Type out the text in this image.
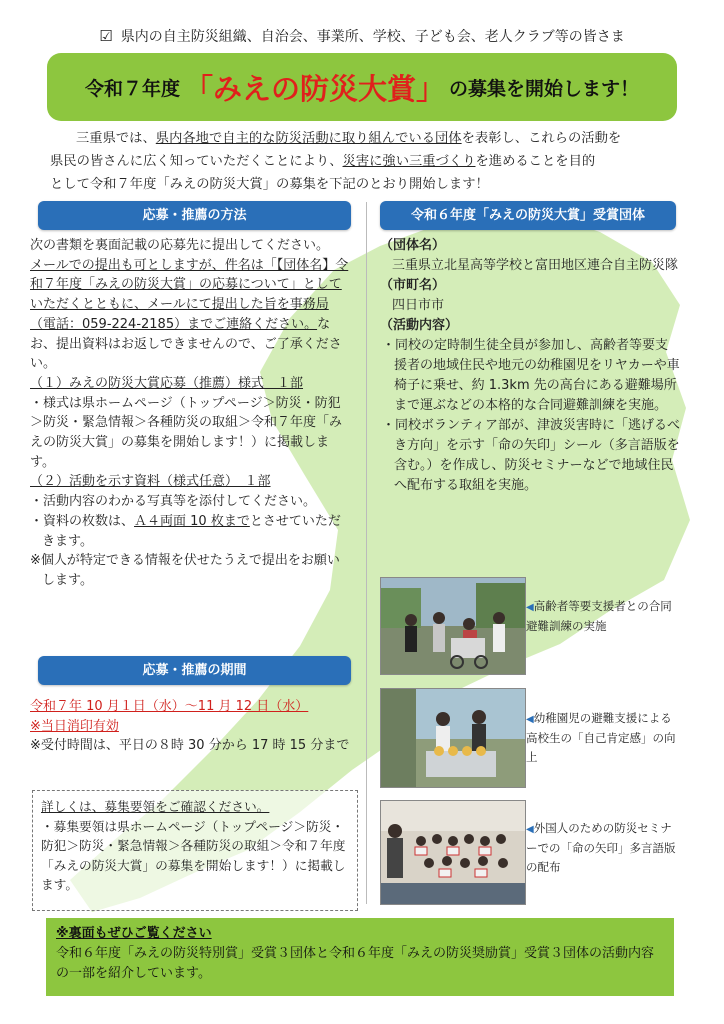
☑ 県内の自主防災組織、自治会、事業所、学校、子ども会、老人クラブ等の皆さま
令和７年度 「みえの防災大賞」 の募集を開始します！

三重県では、県内各地で自主的な防災活動に取り組んでいる団体を表彰し、これらの活動を

県民の皆さんに広く知っていただくことにより、災害に強い三重づくりを進めることを目的

として令和７年度「みえの防災大賞」の募集を下記のとおり開始します！

応募・推薦の方法

次の書類を裏面記載の応募先に提出してください。

メールでの提出も可としますが、件名は「【団体名】令和７年度「みえの防災大賞」の応募について」としていただくとともに、メールにて提出した旨を事務局（電話：059-224-2185）までご連絡ください。なお、提出資料はお返しできませんので、ご了承ください。

（１）みえの防災大賞応募（推薦）様式　１部

・様式は県ホームページ（トップページ＞防災・防犯＞防災・緊急情報＞各種防災の取組＞令和７年度「みえの防災大賞」の募集を開始します！）に掲載します。

（２）活動を示す資料（様式任意）　１部

・活動内容のわかる写真等を添付してください。

・資料の枚数は、Ａ４両面 10 枚までとさせていただきます。

※個人が特定できる情報を伏せたうえで提出をお願いします。

応募・推薦の期間

令和７年 10 月１日（水）～11 月 12 日（水）

※当日消印有効

※受付時間は、平日の８時 30 分から 17 時 15 分まで

詳しくは、募集要領をご確認ください。

・募集要領は県ホームページ（トップページ＞防災・防犯＞防災・緊急情報＞各種防災の取組＞令和７年度「みえの防災大賞」の募集を開始します！）に掲載します。

令和６年度「みえの防災大賞」受賞団体

（団体名）

三重県立北星高等学校と富田地区連合自主防災隊

（市町名）

四日市市

（活動内容）

・同校の定時制生徒全員が参加し、高齢者等要支援者の地域住民や地元の幼稚園児をリヤカーや車椅子に乗せ、約 1.3km 先の高台にある避難場所まで運ぶなどの本格的な合同避難訓練を実施。

・同校ボランティア部が、津波災害時に「逃げるべき方向」を示す「命の矢印」シール（多言語版を含む。）を作成し、防災セミナーなどで地域住民へ配布する取組を実施。

◀高齢者等要支援者との合同避難訓練の実施
◀幼稚園児の避難支援による高校生の「自己肯定感」の向上
◀外国人のための防災セミナーでの「命の矢印」多言語版の配布

※裏面もぜひご覧ください

令和６年度「みえの防災特別賞」受賞３団体と令和６年度「みえの防災奨励賞」受賞３団体の活動内容の一部を紹介しています。
